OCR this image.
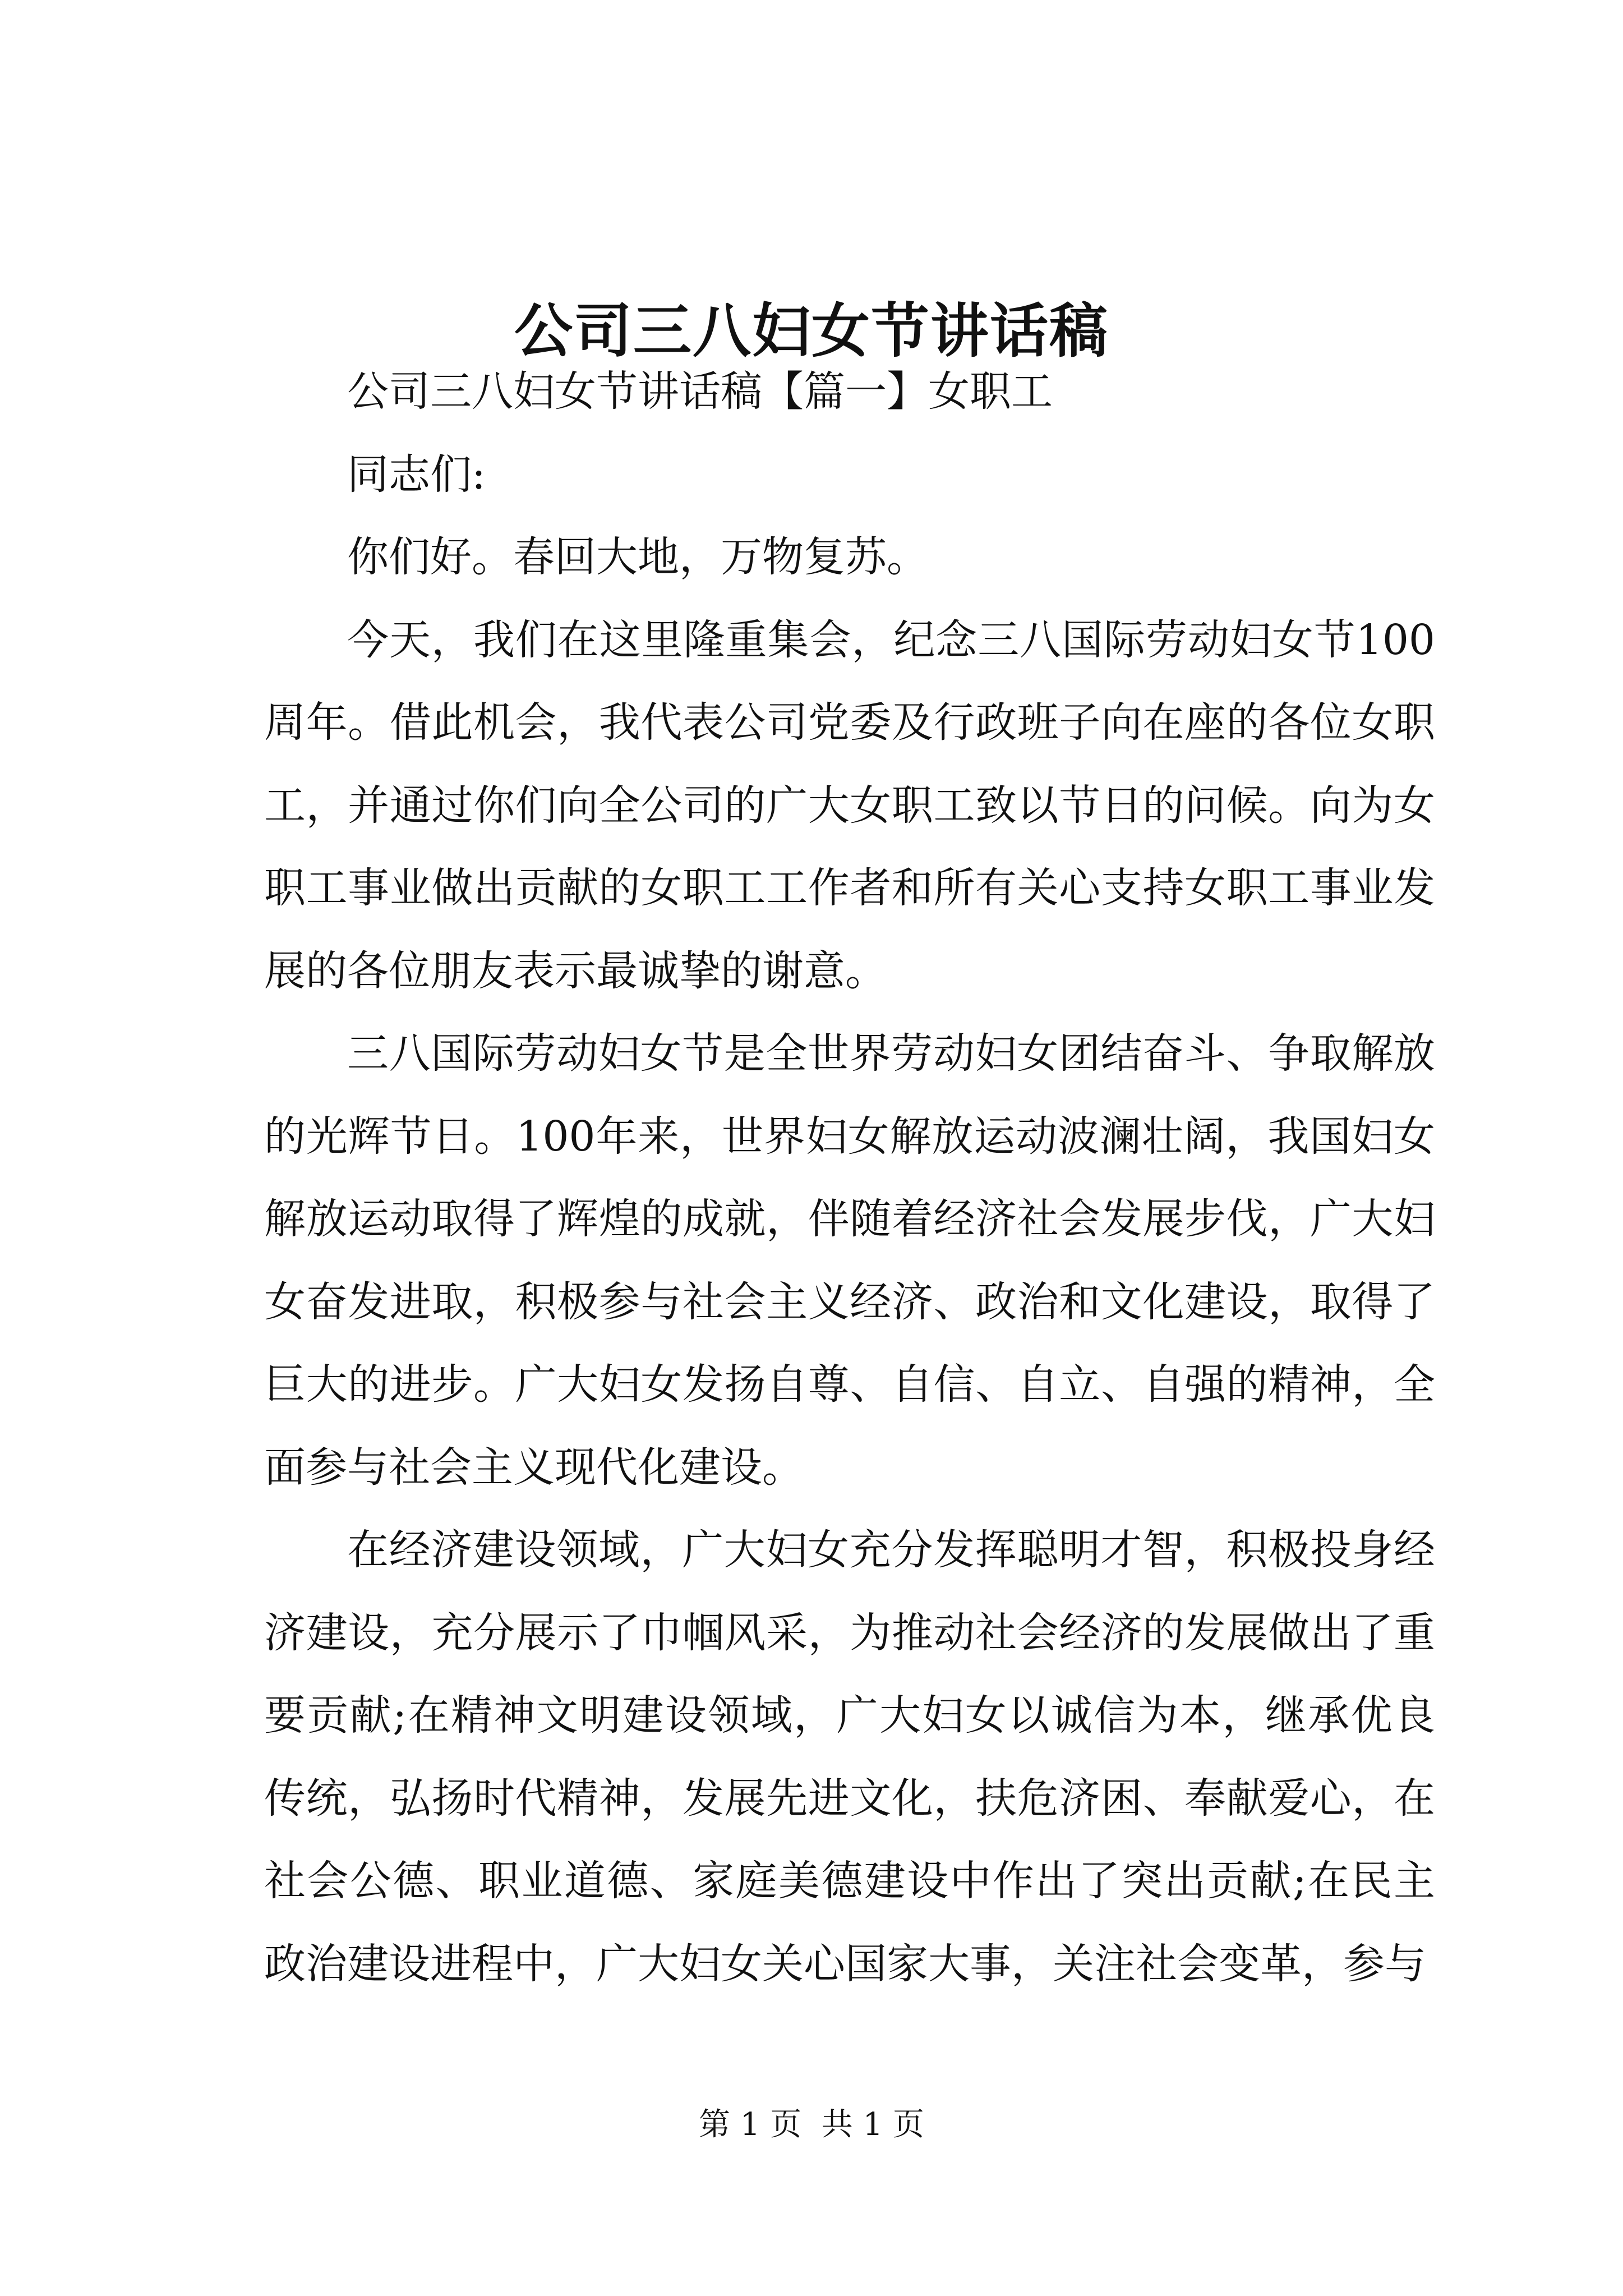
公司三八妇女节讲话稿

公司三八妇女节讲话稿【篇一】女职工

同志们:

你们好。春回大地，万物复苏。

今天，我们在这里隆重集会，纪念三八国际劳动妇女节100周年。借此机会，我代表公司党委及行政班子向在座的各位女职工，并通过你们向全公司的广大女职工致以节日的问候。向为女职工事业做出贡献的女职工工作者和所有关心支持女职工事业发展的各位朋友表示最诚挚的谢意。

三八国际劳动妇女节是全世界劳动妇女团结奋斗、争取解放的光辉节日。100年来，世界妇女解放运动波澜壮阔，我国妇女解放运动取得了辉煌的成就，伴随着经济社会发展步伐，广大妇女奋发进取，积极参与社会主义经济、政治和文化建设，取得了巨大的进步。广大妇女发扬自尊、自信、自立、自强的精神，全面参与社会主义现代化建设。

在经济建设领域，广大妇女充分发挥聪明才智，积极投身经济建设，充分展示了巾帼风采，为推动社会经济的发展做出了重要贡献;在精神文明建设领域，广大妇女以诚信为本，继承优良传统，弘扬时代精神，发展先进文化，扶危济困、奉献爱心，在社会公德、职业道德、家庭美德建设中作出了突出贡献;在民主政治建设进程中，广大妇女关心国家大事，关注社会变革，参与

第 1 页  共 1 页
